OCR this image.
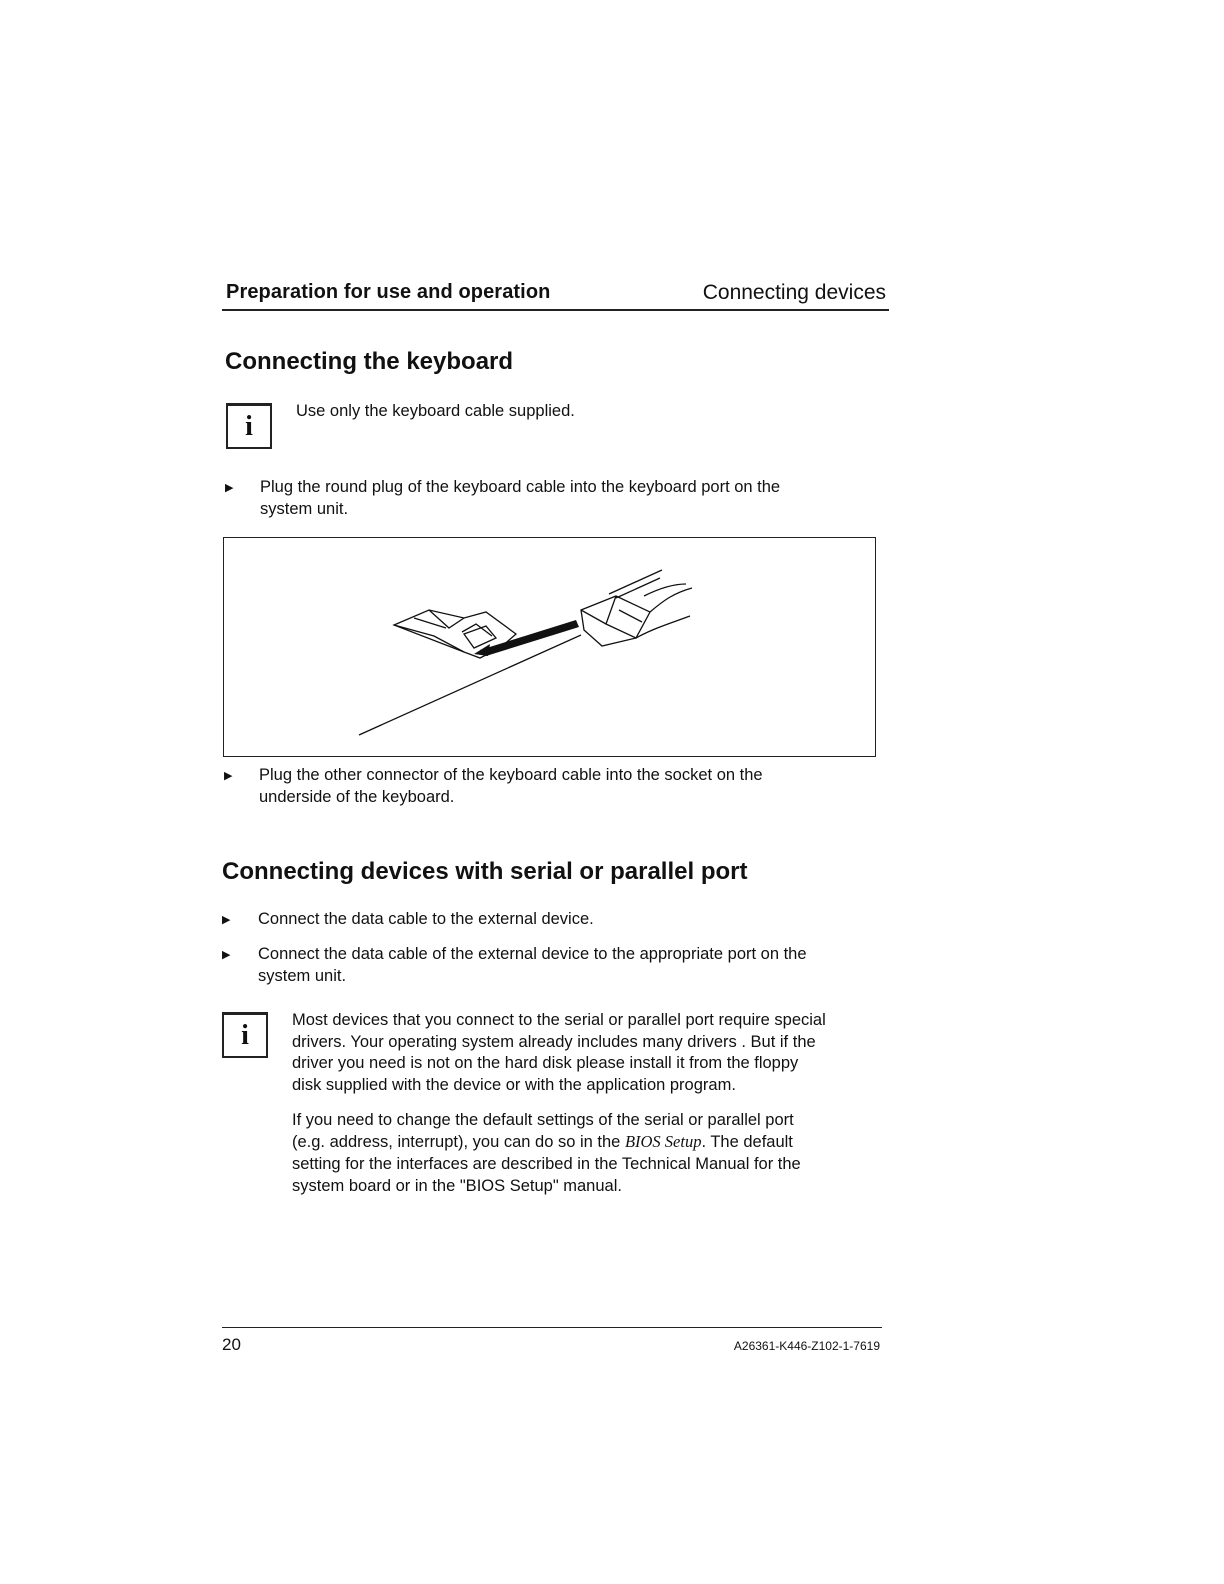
Preparation for use and operation	Connecting devices
Connecting the keyboard
i	Use only the keyboard cable supplied.
▶ Plug the round plug of the keyboard cable into the keyboard port on the
system unit.
▶ Plug the other connector of the keyboard cable into the socket on the
underside of the keyboard.
Connecting devices with serial or parallel port
▶ Connect the data cable to the external device.
▶ Connect the data cable of the external device to the appropriate port on the
system unit.
i	Most devices that you connect to the serial or parallel port require special
drivers. Your operating system already includes many drivers . But if the
driver you need is not on the hard disk please install it from the floppy
disk supplied with the device or with the application program.
If you need to change the default settings of the serial or parallel port
(e.g. address, interrupt), you can do so in the BIOS Setup. The default
setting for the interfaces are described in the Technical Manual for the
system board or in the "BIOS Setup" manual.
20	A26361-K446-Z102-1-7619
